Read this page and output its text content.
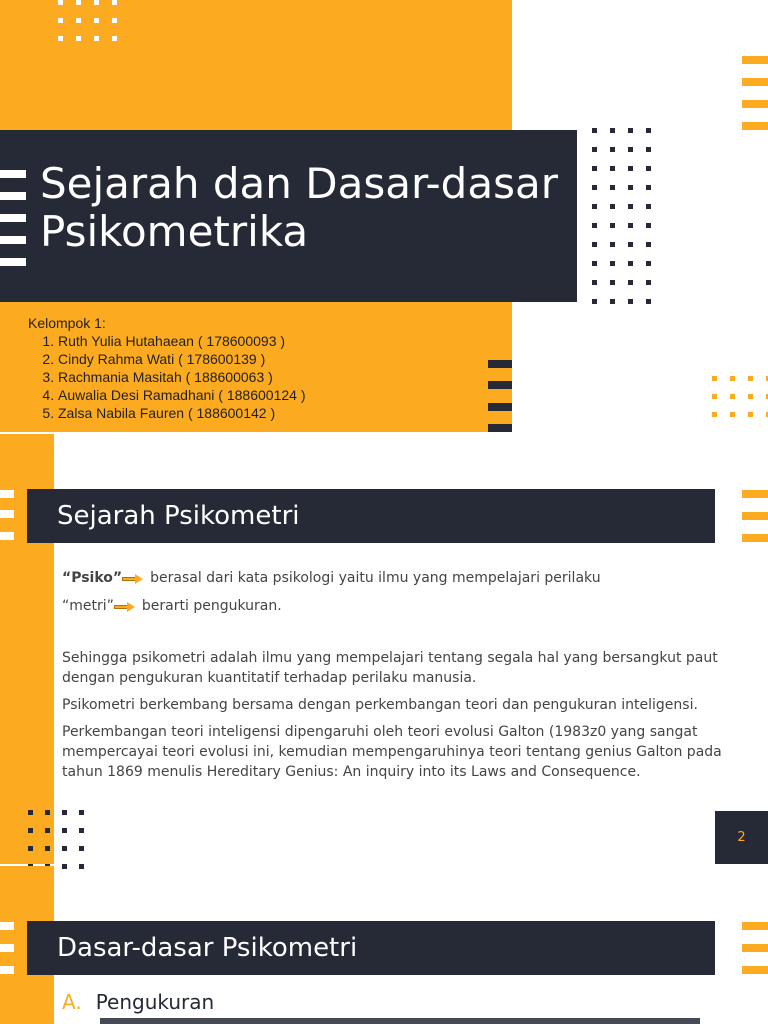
Sejarah dan Dasar-dasar Psikometrika
Kelompok 1:
1. Ruth Yulia Hutahaean ( 178600093 )
2. Cindy Rahma Wati ( 178600139 )
3. Rachmania Masitah ( 188600063 )
4. Auwalia Desi Ramadhani ( 188600124 )
5. Zalsa Nabila Fauren ( 188600142 )
Sejarah Psikometri

“Psiko” berasal dari kata psikologi yaitu ilmu yang mempelajari perilaku

“metri” berarti pengukuran.

Sehingga psikometri adalah ilmu yang mempelajari tentang segala hal yang bersangkut paut dengan pengukuran kuantitatif terhadap perilaku manusia.

Psikometri berkembang bersama dengan perkembangan teori dan pengukuran inteligensi.

Perkembangan teori inteligensi dipengaruhi oleh teori evolusi Galton (1983z0 yang sangat mempercayai teori evolusi ini, kemudian mempengaruhinya teori tentang genius Galton pada tahun 1869 menulis Hereditary Genius: An inquiry into its Laws and Consequence.

2
Dasar-dasar Psikometri
A. Pengukuran
